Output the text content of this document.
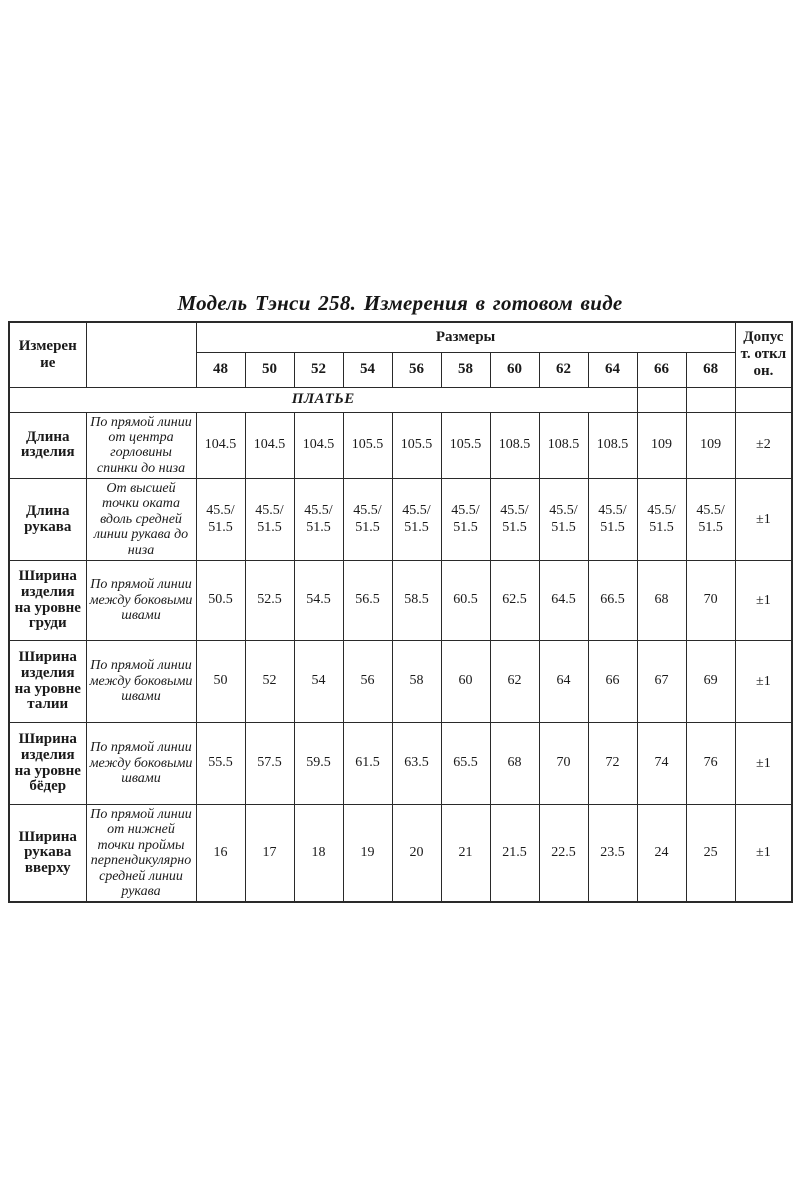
Модель Тэнси 258. Измерения в готовом виде
Измерение		Размеры											Допуст. отклон.
		48	50	52	54	56	58	60	62	64	66	68	
ПЛАТЬЕ													
Длина изделия	По прямой линии от центра горловины спинки до низа	104.5	104.5	104.5	105.5	105.5	105.5	108.5	108.5	108.5	109	109	±2
Длина рукава	От высшей точки оката вдоль средней линии рукава до низа	45.5/ 51.5	45.5/ 51.5	45.5/ 51.5	45.5/ 51.5	45.5/ 51.5	45.5/ 51.5	45.5/ 51.5	45.5/ 51.5	45.5/ 51.5	45.5/ 51.5	45.5/ 51.5	±1
Ширина изделия на уровне груди	По прямой линии между боковыми швами	50.5	52.5	54.5	56.5	58.5	60.5	62.5	64.5	66.5	68	70	±1
Ширина изделия на уровне талии	По прямой линии между боковыми швами	50	52	54	56	58	60	62	64	66	67	69	±1
Ширина изделия на уровне бёдер	По прямой линии между боковыми швами	55.5	57.5	59.5	61.5	63.5	65.5	68	70	72	74	76	±1
Ширина рукава вверху	По прямой линии от нижней точки проймы перпендикулярно средней линии рукава	16	17	18	19	20	21	21.5	22.5	23.5	24	25	±1
